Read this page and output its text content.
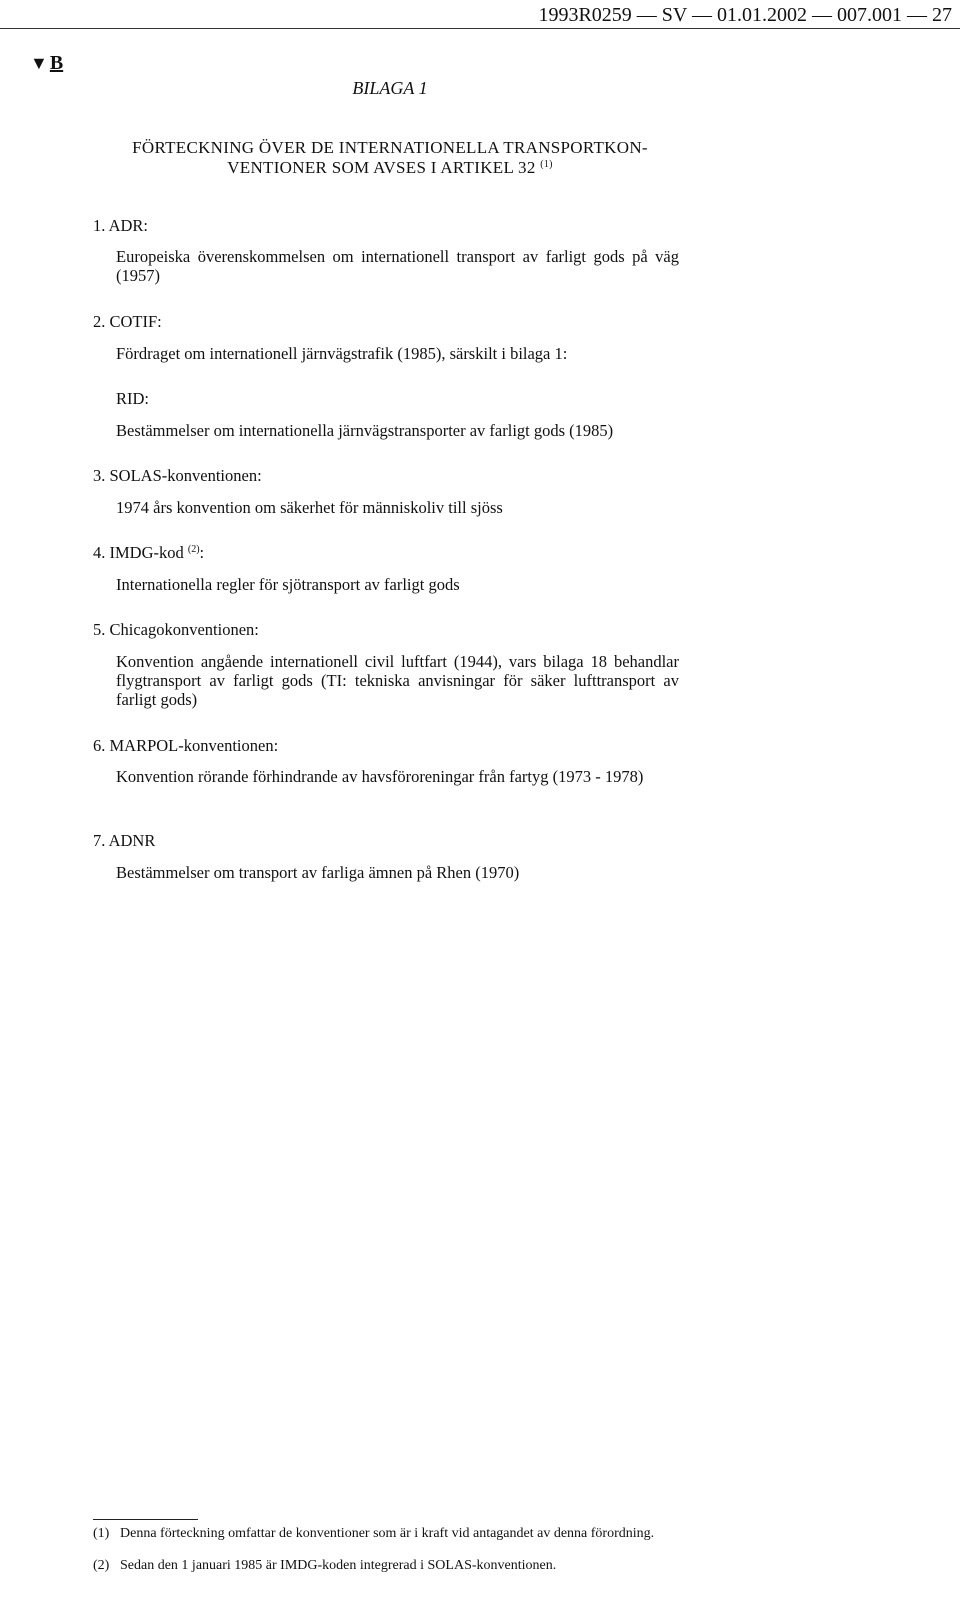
1993R0259 — SV — 01.01.2002 — 007.001 — 27
▼ B
BILAGA 1
FÖRTECKNING ÖVER DE INTERNATIONELLA TRANSPORTKON-
VENTIONER SOM AVSES I ARTIKEL 32 $^{(1)}$
1. ADR:
Europeiska överenskommelsen om internationell transport av farligt gods på väg (1957)
2. COTIF:
Fördraget om internationell järnvägstrafik (1985), särskilt i bilaga 1:
RID:
Bestämmelser om internationella järnvägstransporter av farligt gods (1985)
3. SOLAS-konventionen:
1974 års konvention om säkerhet för människoliv till sjöss
4. IMDG-kod $^{(2)}$:
Internationella regler för sjötransport av farligt gods
5. Chicagokonventionen:
Konvention angående internationell civil luftfart (1944), vars bilaga 18 behandlar flygtransport av farligt gods (TI: tekniska anvisningar för säker lufttransport av farligt gods)
6. MARPOL-konventionen:
Konvention rörande förhindrande av havsföroreningar från fartyg (1973 - 1978)
7. ADNR
Bestämmelser om transport av farliga ämnen på Rhen (1970)
(1) Denna förteckning omfattar de konventioner som är i kraft vid antagandet av denna förordning.
(2) Sedan den 1 januari 1985 är IMDG-koden integrerad i SOLAS-konventionen.
